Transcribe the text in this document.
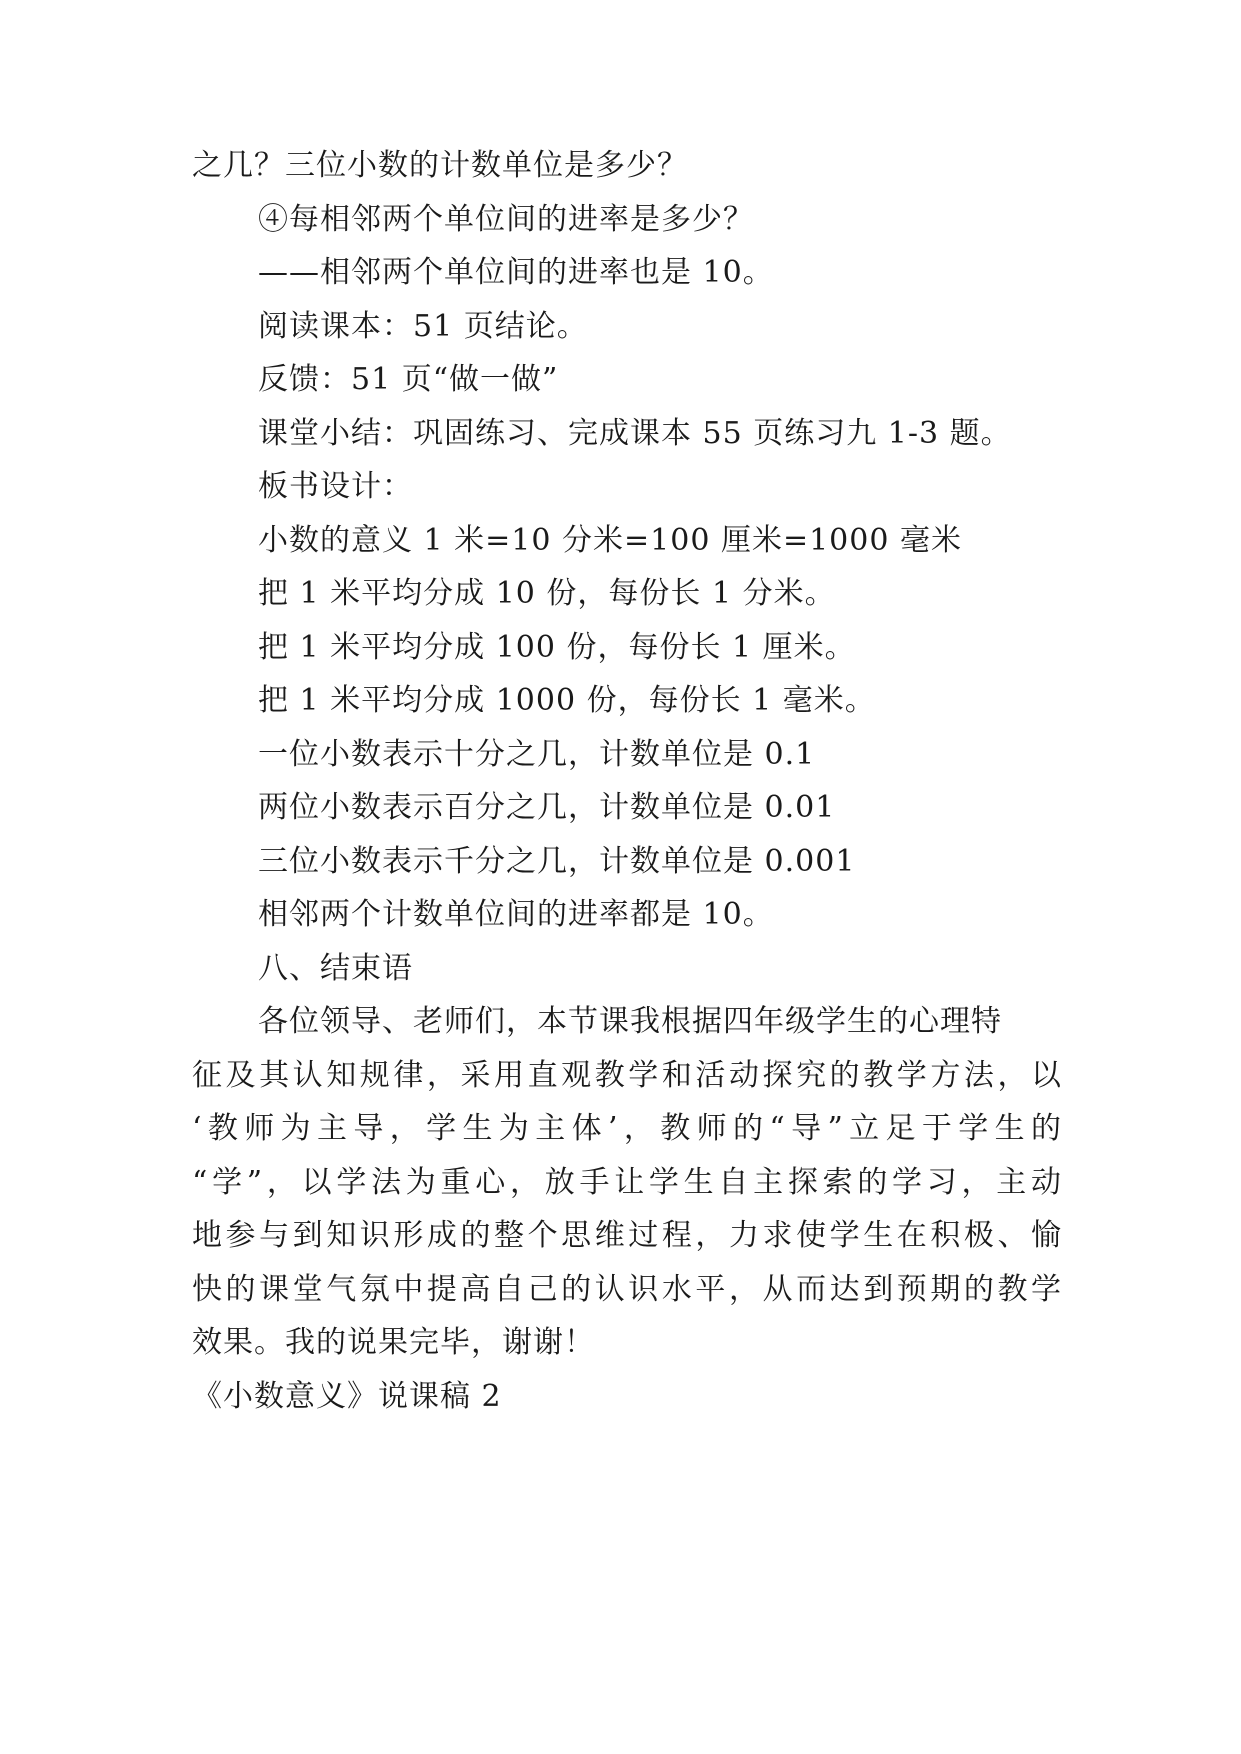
之几？三位小数的计数单位是多少？
④每相邻两个单位间的进率是多少？
——相邻两个单位间的进率也是 10。
阅读课本：51 页结论。
反馈：51 页“做一做”
课堂小结：巩固练习、完成课本 55 页练习九 1-3 题。
板书设计：
小数的意义 1 米=10 分米=100 厘米=1000 毫米
把 1 米平均分成 10 份，每份长 1 分米。
把 1 米平均分成 100 份，每份长 1 厘米。
把 1 米平均分成 1000 份，每份长 1 毫米。
一位小数表示十分之几，计数单位是 0.1
两位小数表示百分之几，计数单位是 0.01
三位小数表示千分之几，计数单位是 0.001
相邻两个计数单位间的进率都是 10。
八、结束语
各位领导、老师们，本节课我根据四年级学生的心理特
征及其认知规律，采用直观教学和活动探究的教学方法，以
‘教师为主导，学生为主体’，教师的“导”立足于学生的
“学”，以学法为重心，放手让学生自主探索的学习，主动
地参与到知识形成的整个思维过程，力求使学生在积极、愉
快的课堂气氛中提高自己的认识水平，从而达到预期的教学
效果。我的说果完毕，谢谢！
《小数意义》说课稿 2
